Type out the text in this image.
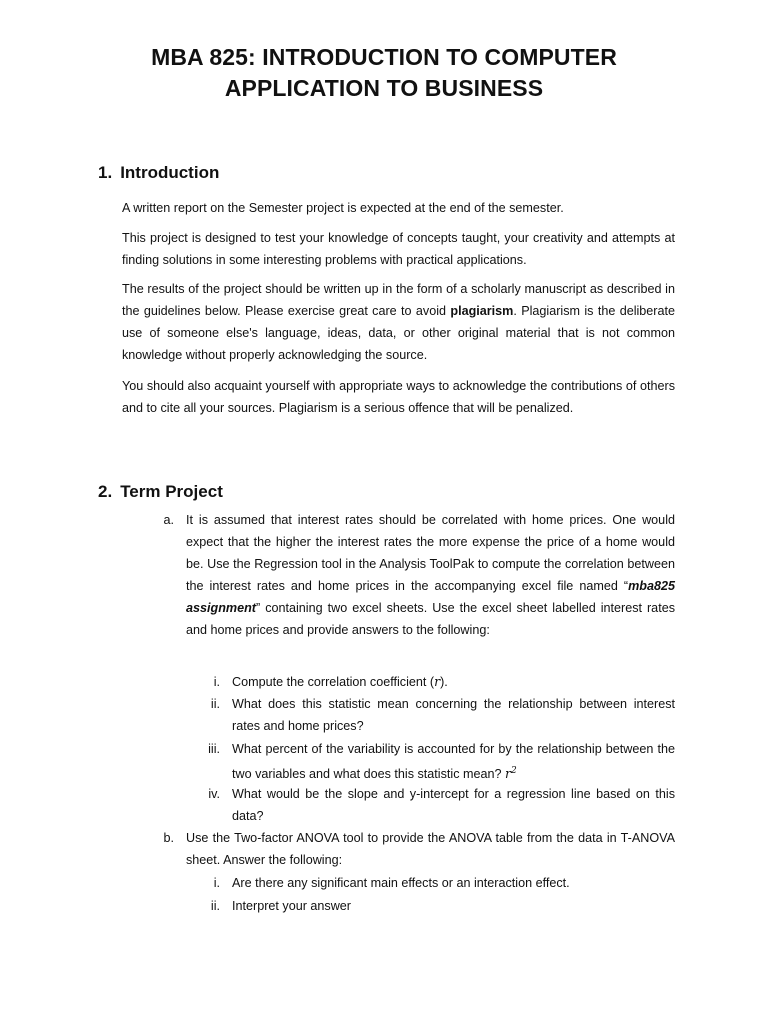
MBA 825: INTRODUCTION TO COMPUTER
APPLICATION TO BUSINESS
1. Introduction
A written report on the Semester project is expected at the end of the semester.
This project is designed to test your knowledge of concepts taught, your creativity and attempts at finding solutions in some interesting problems with practical applications.
The results of the project should be written up in the form of a scholarly manuscript as described in the guidelines below. Please exercise great care to avoid plagiarism. Plagiarism is the deliberate use of someone else's language, ideas, data, or other original material that is not common knowledge without properly acknowledging the source.
You should also acquaint yourself with appropriate ways to acknowledge the contributions of others and to cite all your sources. Plagiarism is a serious offence that will be penalized.
2. Term Project
a. It is assumed that interest rates should be correlated with home prices. One would expect that the higher the interest rates the more expense the price of a home would be. Use the Regression tool in the Analysis ToolPak to compute the correlation between the interest rates and home prices in the accompanying excel file named “mba825 assignment” containing two excel sheets. Use the excel sheet labelled interest rates and home prices and provide answers to the following:
i. Compute the correlation coefficient (r).
ii. What does this statistic mean concerning the relationship between interest rates and home prices?
iii. What percent of the variability is accounted for by the relationship between the two variables and what does this statistic mean? $r^2$
iv. What would be the slope and y-intercept for a regression line based on this data?
b. Use the Two-factor ANOVA tool to provide the ANOVA table from the data in T-ANOVA sheet. Answer the following:
i. Are there any significant main effects or an interaction effect.
ii. Interpret your answer
